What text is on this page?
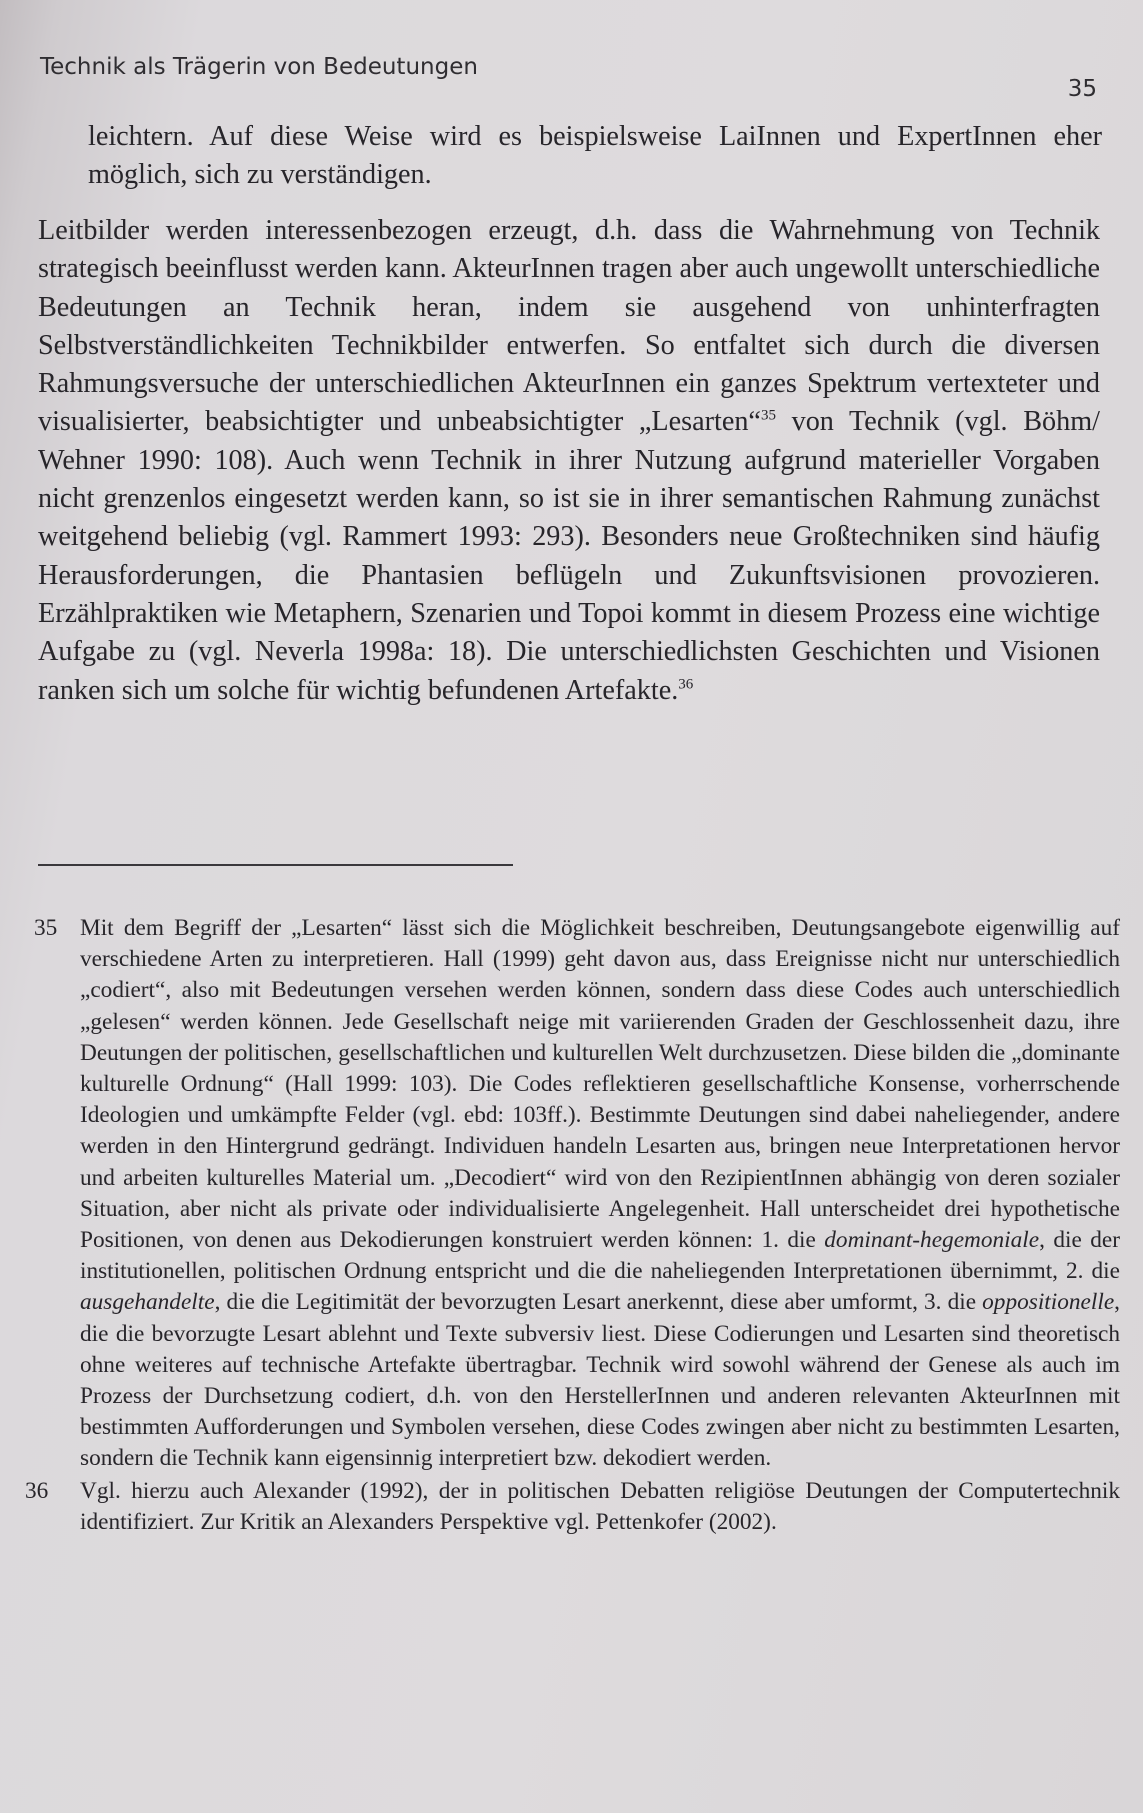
Technik als Trägerin von Bedeutungen
35

leichtern. Auf diese Weise wird es beispielsweise LaiInnen und ExpertInnen eher möglich, sich zu verständigen.

Leitbilder werden interessenbezogen erzeugt, d.h. dass die Wahrnehmung von Technik strategisch beeinflusst werden kann. AkteurInnen tragen aber auch ungewollt unterschiedliche Bedeutungen an Technik heran, indem sie ausgehend von unhinterfragten Selbstverständlichkeiten Technikbilder entwerfen. So entfaltet sich durch die diversen Rahmungsversuche der unterschiedlichen AkteurInnen ein ganzes Spektrum vertexteter und visualisierter, beabsichtigter und unbeabsichtigter „Lesarten“$^{35}$ von Technik (vgl. Böhm/ Wehner 1990: 108). Auch wenn Technik in ihrer Nutzung aufgrund materieller Vorgaben nicht grenzenlos eingesetzt werden kann, so ist sie in ihrer semantischen Rahmung zunächst weitgehend beliebig (vgl. Rammert 1993: 293). Besonders neue Großtechniken sind häufig Herausforderungen, die Phantasien beflügeln und Zukunftsvisionen provozieren. Erzählpraktiken wie Metaphern, Szenarien und Topoi kommt in diesem Prozess eine wichtige Aufgabe zu (vgl. Neverla 1998a: 18). Die unterschiedlichsten Geschichten und Visionen ranken sich um solche für wichtig befundenen Artefakte.$^{36}$

35 Mit dem Begriff der „Lesarten“ lässt sich die Möglichkeit beschreiben, Deutungsangebote eigenwillig auf verschiedene Arten zu interpretieren. Hall (1999) geht davon aus, dass Ereignisse nicht nur unterschiedlich „codiert“, also mit Bedeutungen versehen werden können, sondern dass diese Codes auch unterschiedlich „gelesen“ werden können. Jede Gesellschaft neige mit variierenden Graden der Geschlossenheit dazu, ihre Deutungen der politischen, gesellschaftlichen und kulturellen Welt durchzusetzen. Diese bilden die „dominante kulturelle Ordnung“ (Hall 1999: 103). Die Codes reflektieren gesellschaftliche Konsense, vorherrschende Ideologien und umkämpfte Felder (vgl. ebd: 103ff.). Bestimmte Deutungen sind dabei naheliegender, andere werden in den Hintergrund gedrängt. Individuen handeln Lesarten aus, bringen neue Interpretationen hervor und arbeiten kulturelles Material um. „Decodiert“ wird von den RezipientInnen abhängig von deren sozialer Situation, aber nicht als private oder individualisierte Angelegenheit. Hall unterscheidet drei hypothetische Positionen, von denen aus Dekodierungen konstruiert werden können: 1. die dominant-hegemoniale, die der institutionellen, politischen Ordnung entspricht und die die naheliegenden Interpretationen übernimmt, 2. die ausgehandelte, die die Legitimität der bevorzugten Lesart anerkennt, diese aber umformt, 3. die oppositionelle, die die bevorzugte Lesart ablehnt und Texte subversiv liest. Diese Codierungen und Lesarten sind theoretisch ohne weiteres auf technische Artefakte übertragbar. Technik wird sowohl während der Genese als auch im Prozess der Durchsetzung codiert, d.h. von den HerstellerInnen und anderen relevanten AkteurInnen mit bestimmten Aufforderungen und Symbolen versehen, diese Codes zwingen aber nicht zu bestimmten Lesarten, sondern die Technik kann eigensinnig interpretiert bzw. dekodiert werden.

36 Vgl. hierzu auch Alexander (1992), der in politischen Debatten religiöse Deutungen der Computertechnik identifiziert. Zur Kritik an Alexanders Perspektive vgl. Pettenkofer (2002).
